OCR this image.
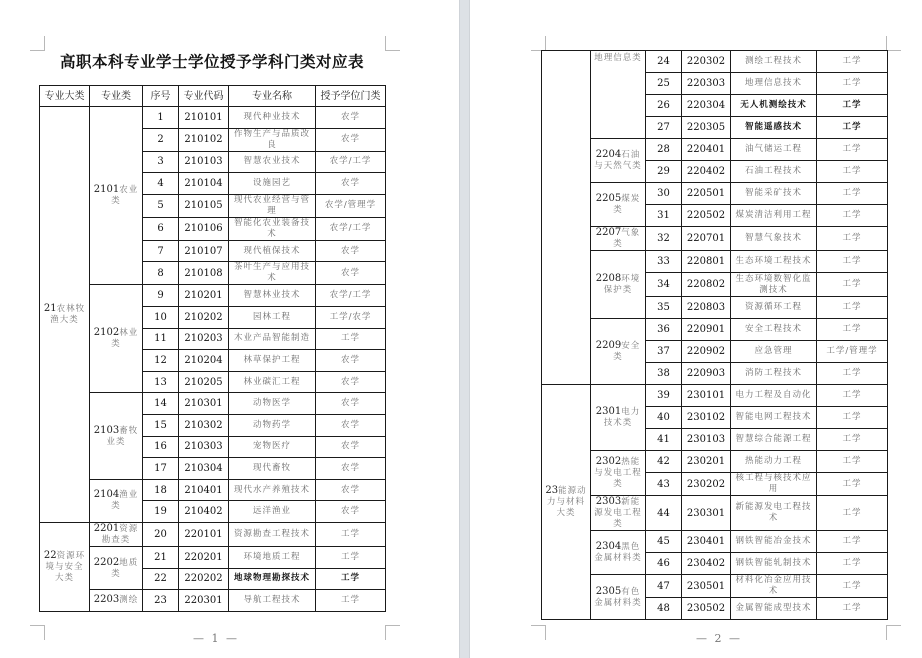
高职本科专业学士学位授予学科门类对应表
专业大类	专业类	序号	专业代码	专业名称	授予学位门类
21农林牧渔大类	2101农业类	1	210101	现代种业技术	农学
		2	210102	作物生产与品质改良	农学
		3	210103	智慧农业技术	农学/工学
		4	210104	设施园艺	农学
		5	210105	现代农业经营与管理	农学/管理学
		6	210106	智能化农业装备技术	农学/工学
		7	210107	现代植保技术	农学
		8	210108	茶叶生产与应用技术	农学
	2102林业类	9	210201	智慧林业技术	农学/工学
		10	210202	园林工程	工学/农学
		11	210203	木业产品智能制造	工学
		12	210204	林草保护工程	农学
		13	210205	林业碳汇工程	农学
	2103畜牧业类	14	210301	动物医学	农学
		15	210302	动物药学	农学
		16	210303	宠物医疗	农学
		17	210304	现代畜牧	农学
	2104渔业类	18	210401	现代水产养殖技术	农学
		19	210402	远洋渔业	农学
22资源环境与安全大类	2201资源勘查类	20	220101	资源勘查工程技术	工学
	2202地质类	21	220201	环境地质工程	工学
		22	220202	地球物理勘探技术	工学
	2203测绘	23	220301	导航工程技术	工学
— 1 —
	地理信息类	24	220302	测绘工程技术	工学
		25	220303	地理信息技术	工学
		26	220304	无人机测绘技术	工学
		27	220305	智能遥感技术	工学
	2204石油与天然气类	28	220401	油气储运工程	工学
		29	220402	石油工程技术	工学
	2205煤炭类	30	220501	智能采矿技术	工学
		31	220502	煤炭清洁利用工程	工学
	2207气象类	32	220701	智慧气象技术	工学
	2208环境保护类	33	220801	生态环境工程技术	工学
		34	220802	生态环境数智化监测技术	工学
		35	220803	资源循环工程	工学
	2209安全类	36	220901	安全工程技术	工学
		37	220902	应急管理	工学/管理学
		38	220903	消防工程技术	工学
23能源动力与材料大类	2301电力技术类	39	230101	电力工程及自动化	工学
		40	230102	智能电网工程技术	工学
		41	230103	智慧综合能源工程	工学
	2302热能与发电工程类	42	230201	热能动力工程	工学
		43	230202	核工程与核技术应用	工学
	2303新能源发电工程类	44	230301	新能源发电工程技术	工学
	2304黑色金属材料类	45	230401	钢铁智能冶金技术	工学
		46	230402	钢铁智能轧制技术	工学
	2305有色金属材料类	47	230501	材料化冶金应用技术	工学
		48	230502	金属智能成型技术	工学
— 2 —
